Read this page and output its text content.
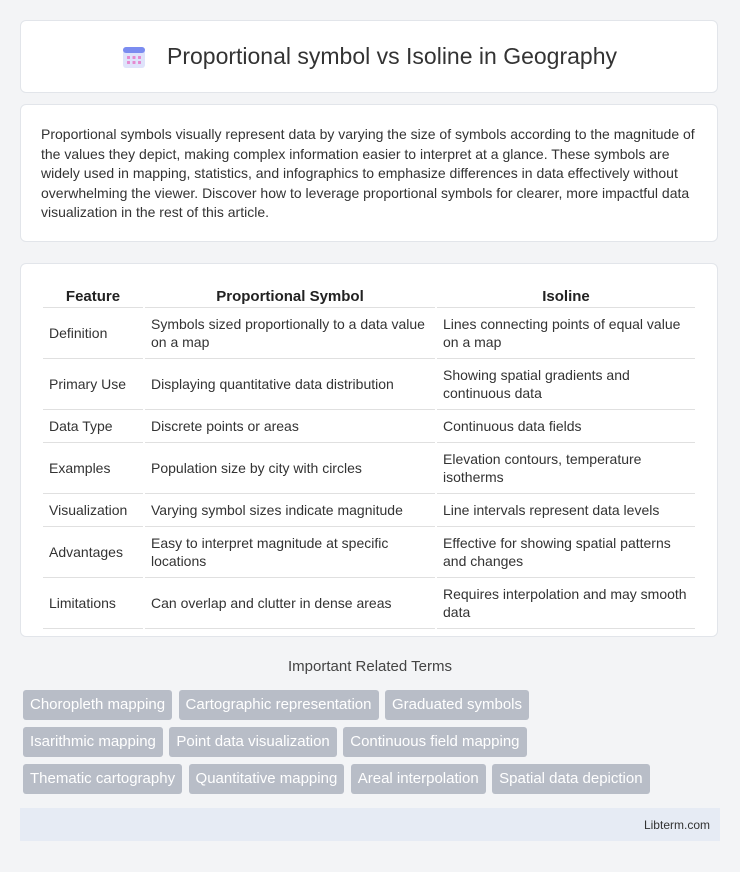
Proportional symbol vs Isoline in Geography

Proportional symbols visually represent data by varying the size of symbols according to the magnitude of the values they depict, making complex information easier to interpret at a glance. These symbols are widely used in mapping, statistics, and infographics to emphasize differences in data effectively without overwhelming the viewer. Discover how to leverage proportional symbols for clearer, more impactful data visualization in the rest of this article.

Feature	Proportional Symbol	Isoline
Definition	Symbols sized proportionally to a data value on a map	Lines connecting points of equal value on a map
Primary Use	Displaying quantitative data distribution	Showing spatial gradients and continuous data
Data Type	Discrete points or areas	Continuous data fields
Examples	Population size by city with circles	Elevation contours, temperature isotherms
Visualization	Varying symbol sizes indicate magnitude	Line intervals represent data levels
Advantages	Easy to interpret magnitude at specific locations	Effective for showing spatial patterns and changes
Limitations	Can overlap and clutter in dense areas	Requires interpolation and may smooth data
Important Related Terms
Choropleth mapping Cartographic representation Graduated symbols
Isarithmic mapping Point data visualization Continuous field mapping
Thematic cartography Quantitative mapping Areal interpolation Spatial data depiction
Libterm.com
